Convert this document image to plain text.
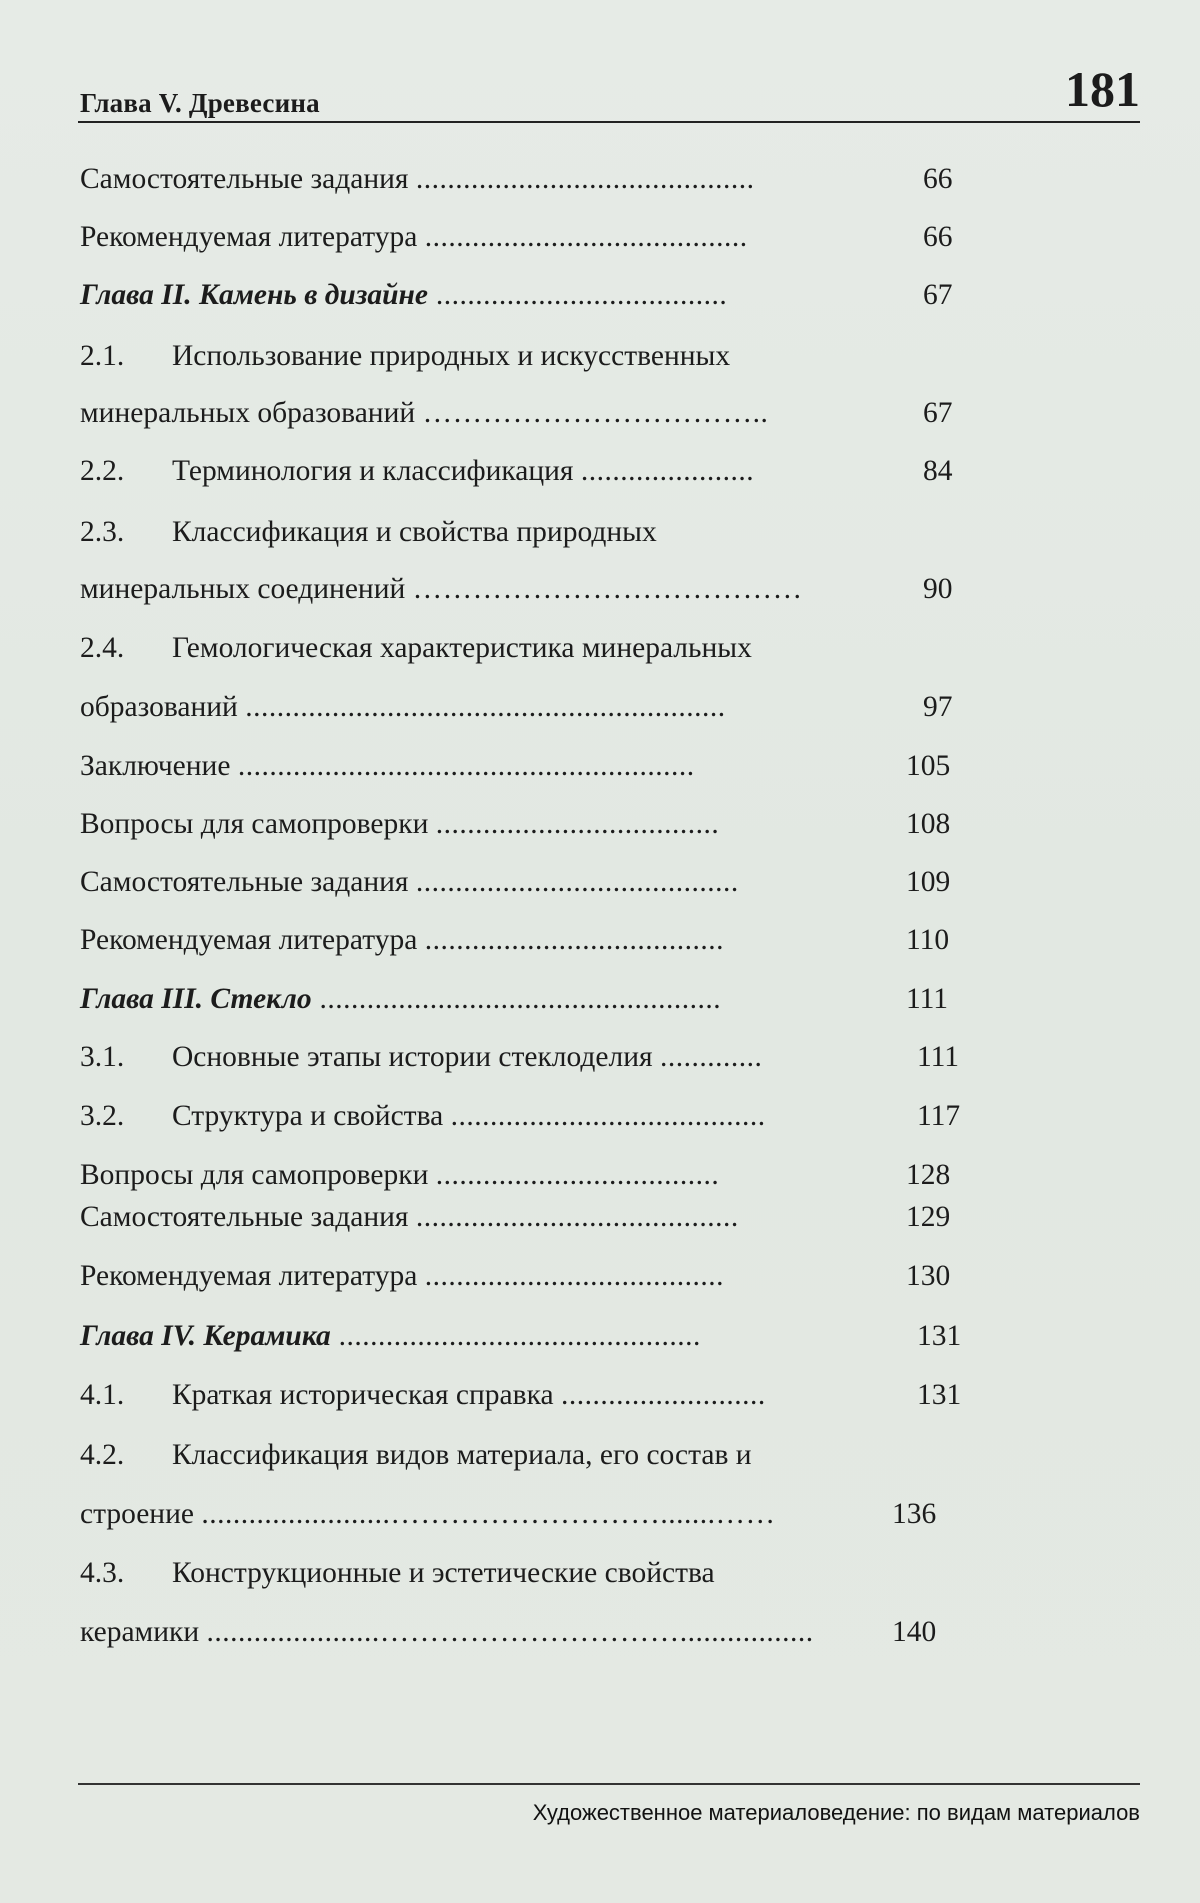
Глава V. Древесина	181
Самостоятельные задания ...........................................	66
Рекомендуемая литература .........................................	66
Глава II. Камень в дизайне .....................................	67
2.1. Использование природных и искусственных
минеральных образований ……………………………..	67
2.2. Терминология и классификация ......................	84
2.3. Классификация и свойства природных
минеральных соединений …………………………………	90
2.4. Гемологическая характеристика минеральных
образований .............................................................	97
Заключение ..........................................................	105
Вопросы для самопроверки ....................................	108
Самостоятельные задания .........................................	109
Рекомендуемая литература ......................................	110
Глава III. Стекло ...................................................	111
3.1. Основные этапы истории стеклоделия .............	111
3.2. Структура и свойства ........................................	117
Вопросы для самопроверки ....................................	128
Самостоятельные задания .........................................	129
Рекомендуемая литература ......................................	130
Глава IV. Керамика ..............................................	131
4.1. Краткая историческая справка ..........................	131
4.2. Классификация видов материала, его состав и
строение ........................……………………….......……	136
4.3. Конструкционные и эстетические свойства
керамики ......................………………………….................	140
Художественное материаловедение: по видам материалов
